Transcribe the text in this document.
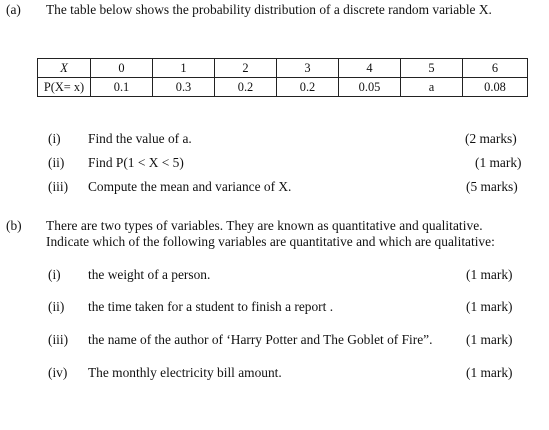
(a) The table below shows the probability distribution of a discrete random variable X.
X	0	1	2	3	4	5	6
P(X= x)	0.1	0.3	0.2	0.2	0.05	a	0.08
(i) Find the value of a.	(2 marks)
(ii) Find P(1 < X < 5)	(1 mark)
(iii) Compute the mean and variance of X.	(5 marks)
(b) There are two types of variables. They are known as quantitative and qualitative.
Indicate which of the following variables are quantitative and which are qualitative:
(i) the weight of a person.	(1 mark)
(ii) the time taken for a student to finish a report .	(1 mark)
(iii) the name of the author of ‘Harry Potter and The Goblet of Fire”.	(1 mark)
(iv) The monthly electricity bill amount.	(1 mark)
